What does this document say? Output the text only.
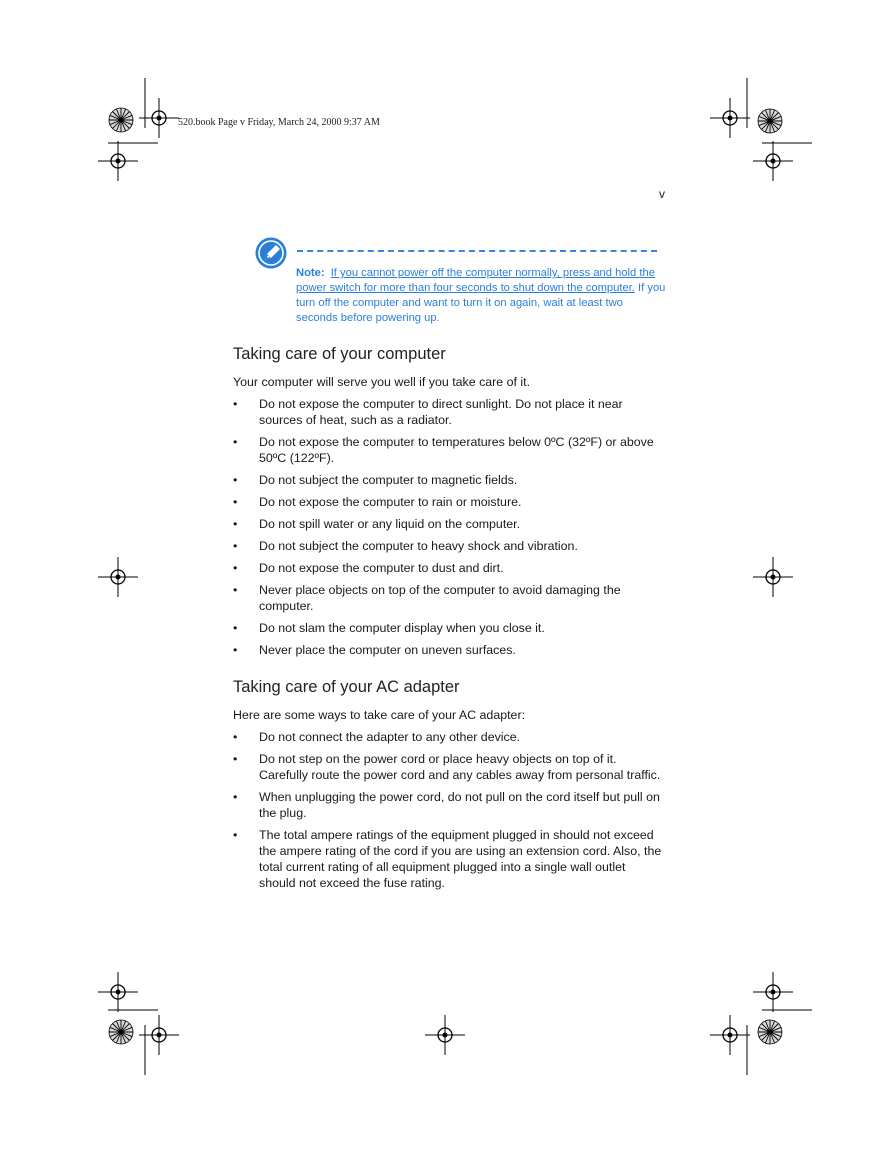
520.book Page v Friday, March 24, 2000 9:37 AM
v
Note: If you cannot power off the computer normally, press and hold the power switch for more than four seconds to shut down the computer. If you turn off the computer and want to turn it on again, wait at least two seconds before powering up.
Taking care of your computer

Your computer will serve you well if you take care of it.

• Do not expose the computer to direct sunlight. Do not place it near sources of heat, such as a radiator.
• Do not expose the computer to temperatures below 0ºC (32ºF) or above 50ºC (122ºF).
• Do not subject the computer to magnetic fields.
• Do not expose the computer to rain or moisture.
• Do not spill water or any liquid on the computer.
• Do not subject the computer to heavy shock and vibration.
• Do not expose the computer to dust and dirt.
• Never place objects on top of the computer to avoid damaging the computer.
• Do not slam the computer display when you close it.
• Never place the computer on uneven surfaces.
Taking care of your AC adapter

Here are some ways to take care of your AC adapter:

• Do not connect the adapter to any other device.
• Do not step on the power cord or place heavy objects on top of it. Carefully route the power cord and any cables away from personal traffic.
• When unplugging the power cord, do not pull on the cord itself but pull on the plug.
• The total ampere ratings of the equipment plugged in should not exceed the ampere rating of the cord if you are using an extension cord. Also, the total current rating of all equipment plugged into a single wall outlet should not exceed the fuse rating.
